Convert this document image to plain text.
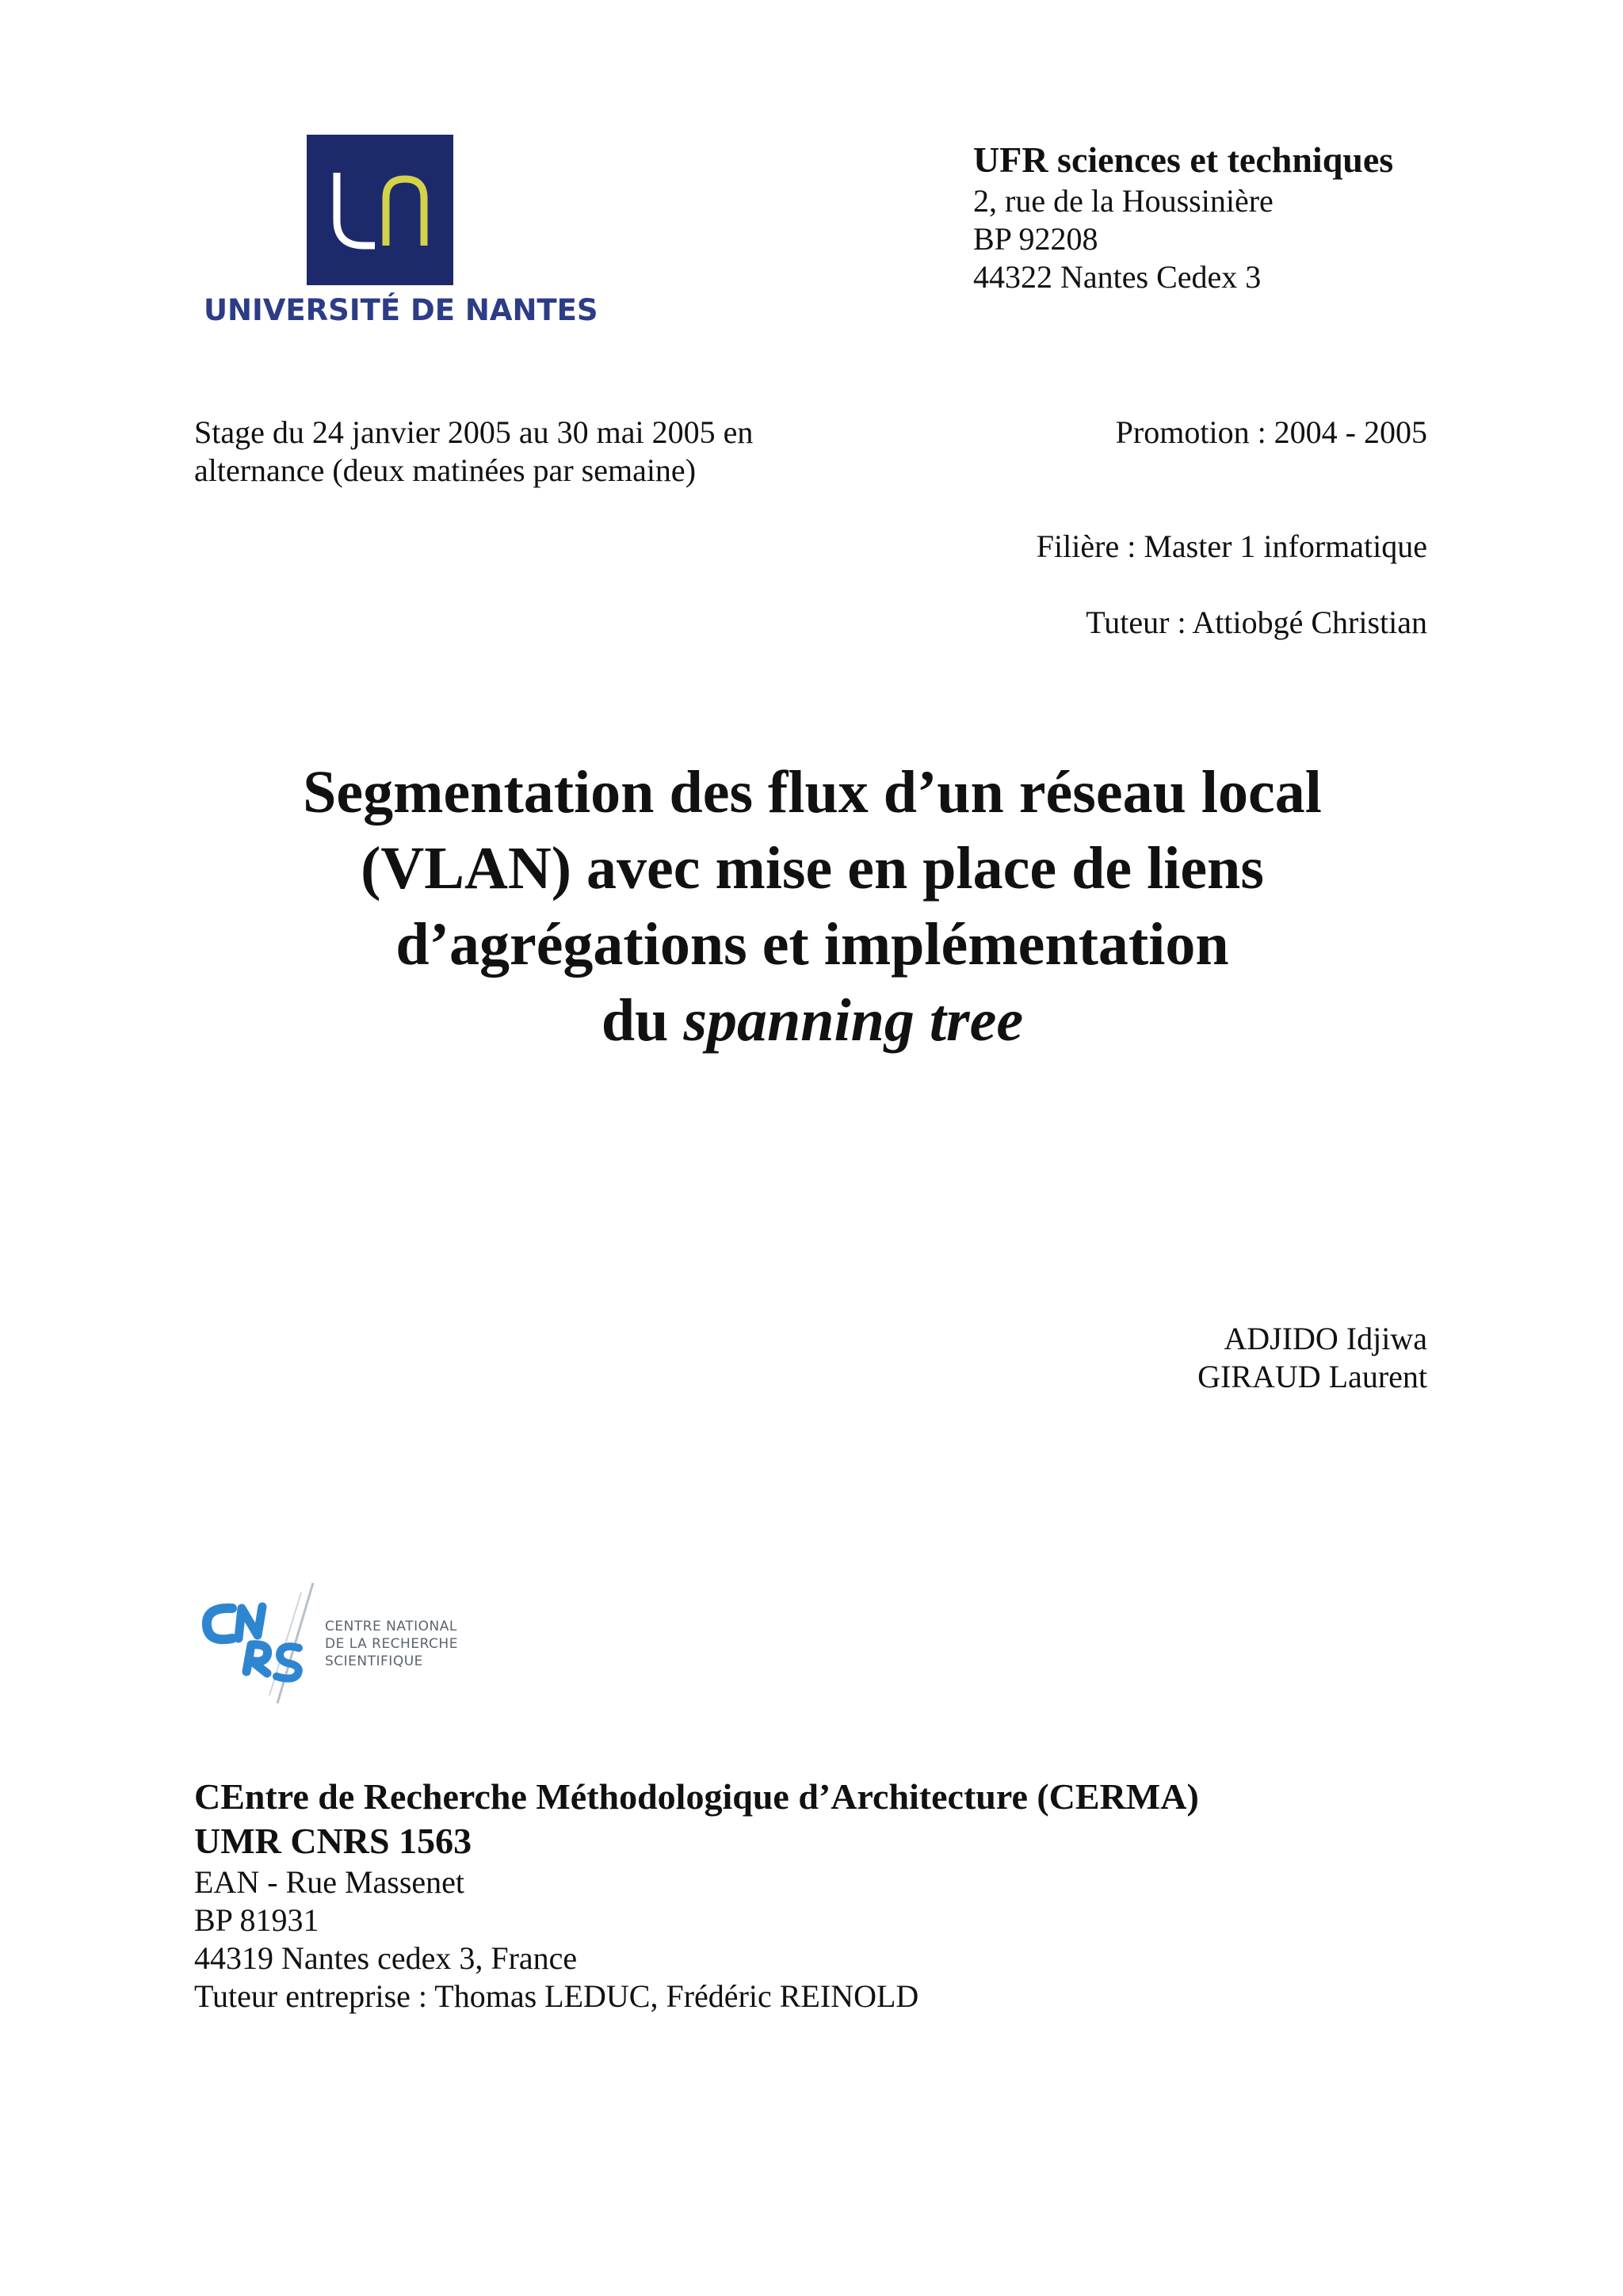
UNIVERSITÉ DE NANTES
UFR sciences et techniques
2, rue de la Houssinière
BP 92208
44322 Nantes Cedex 3
Stage du 24 janvier 2005 au 30 mai 2005 en
alternance (deux matinées par semaine)
Promotion : 2004 - 2005
Filière : Master 1 informatique
Tuteur : Attiobgé Christian
Segmentation des flux d’un réseau local
(VLAN) avec mise en place de liens
d’agrégations et implémentation
du spanning tree
ADJIDO Idjiwa
GIRAUD Laurent
CENTRE NATIONAL
DE LA RECHERCHE
SCIENTIFIQUE
CEntre de Recherche Méthodologique d’Architecture (CERMA)
UMR CNRS 1563
EAN - Rue Massenet
BP 81931
44319 Nantes cedex 3, France
Tuteur entreprise : Thomas LEDUC, Frédéric REINOLD
